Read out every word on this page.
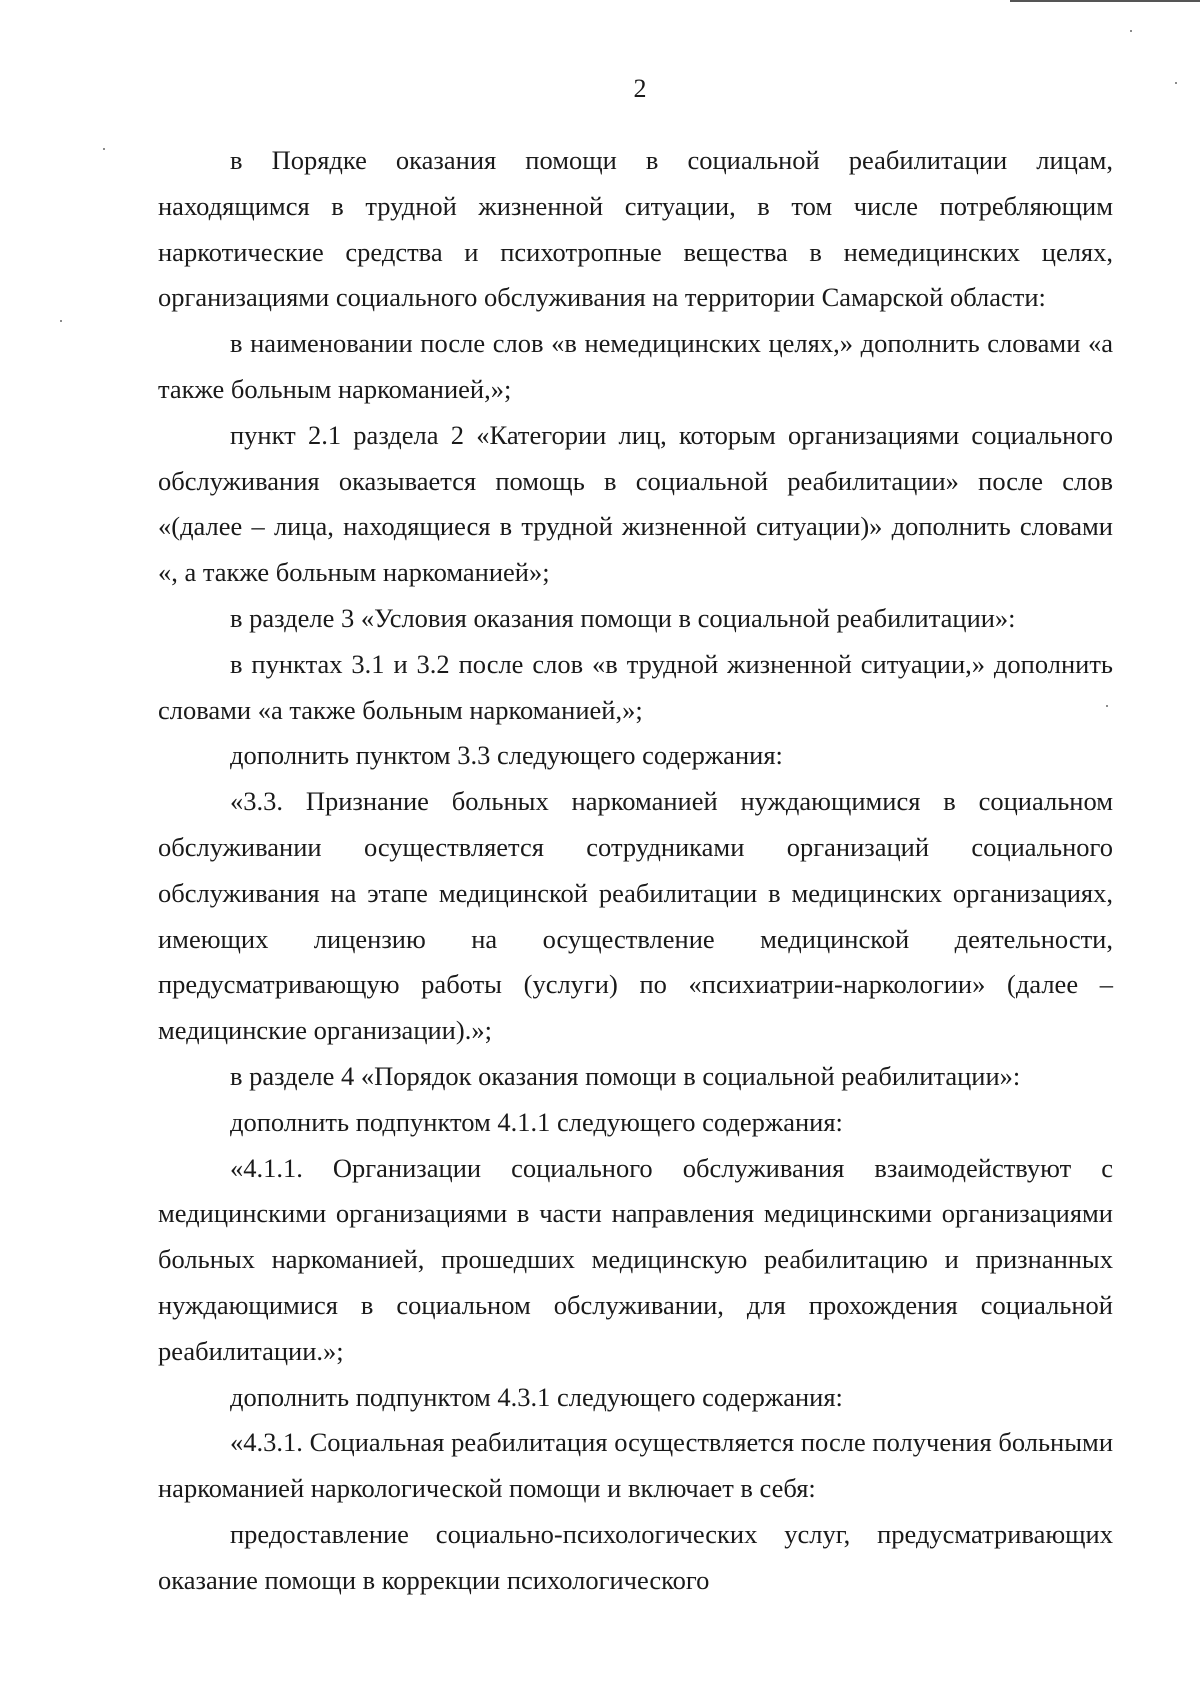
2

в Порядке оказания помощи в социальной реабилитации лицам, находящимся в трудной жизненной ситуации, в том числе потребляющим наркотические средства и психотропные вещества в немедицинских целях, организациями социального обслуживания на территории Самарской области:

в наименовании после слов «в немедицинских целях,» дополнить словами «а также больным наркоманией,»;

пункт 2.1 раздела 2 «Категории лиц, которым организациями социального обслуживания оказывается помощь в социальной реабилитации» после слов «(далее – лица, находящиеся в трудной жизненной ситуации)» дополнить словами «, а также больным наркоманией»;

в разделе 3 «Условия оказания помощи в социальной реабилитации»:

в пунктах 3.1 и 3.2 после слов «в трудной жизненной ситуации,» дополнить словами «а также больным наркоманией,»;

дополнить пунктом 3.3 следующего содержания:

«3.3. Признание больных наркоманией нуждающимися в социальном обслуживании осуществляется сотрудниками организаций социального обслуживания на этапе медицинской реабилитации в медицинских организациях, имеющих лицензию на осуществление медицинской деятельности, предусматривающую работы (услуги) по «психиатрии-наркологии» (далее – медицинские организации).»;

в разделе 4 «Порядок оказания помощи в социальной реабилитации»:

дополнить подпунктом 4.1.1 следующего содержания:

«4.1.1. Организации социального обслуживания взаимодействуют с медицинскими организациями в части направления медицинскими организациями больных наркоманией, прошедших медицинскую реабилитацию и признанных нуждающимися в социальном обслуживании, для прохождения социальной реабилитации.»;

дополнить подпунктом 4.3.1 следующего содержания:

«4.3.1. Социальная реабилитация осуществляется после получения больными наркоманией наркологической помощи и включает в себя:

предоставление социально-психологических услуг, предусматривающих оказание помощи в коррекции психологического
